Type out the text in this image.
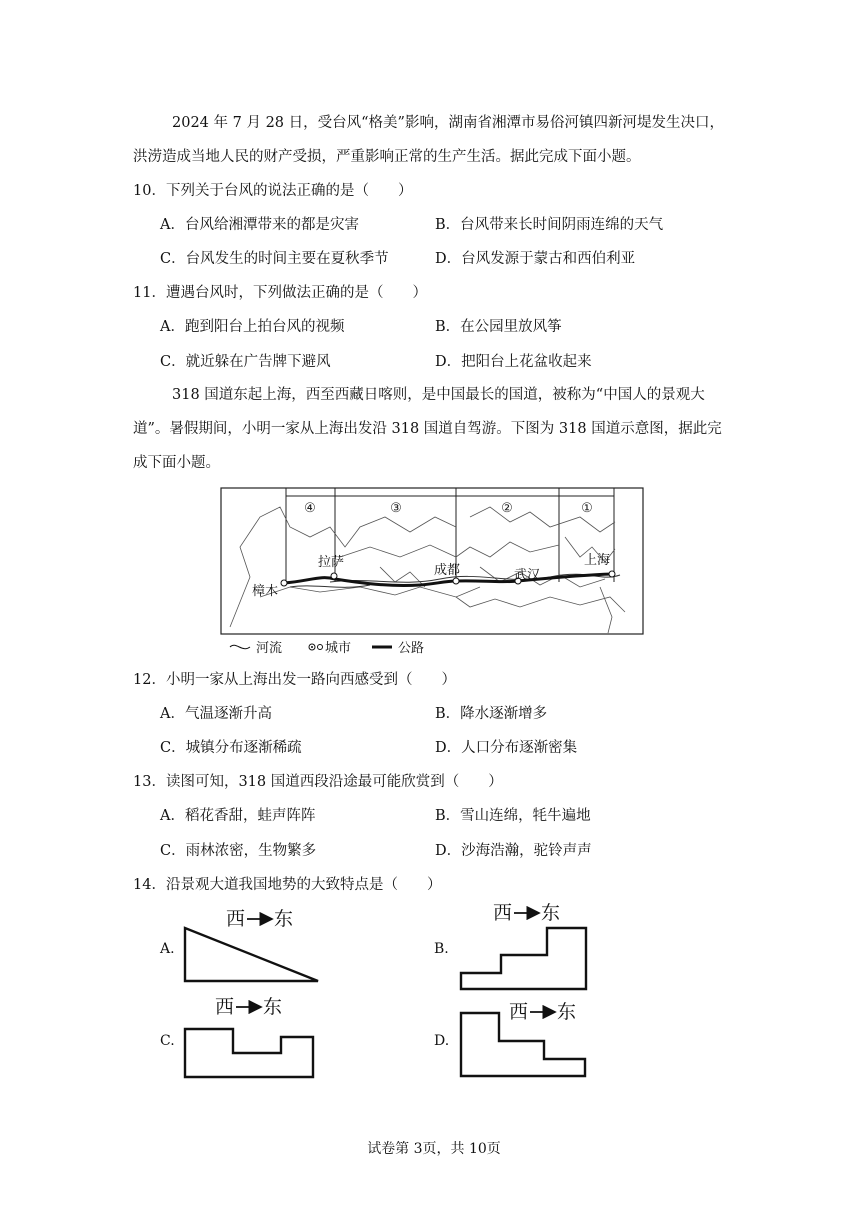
2024 年 7 月 28 日，受台风“格美”影响，湖南省湘潭市易俗河镇四新河堤发生决口，
洪涝造成当地人民的财产受损，严重影响正常的生产生活。据此完成下面小题。
10．下列关于台风的说法正确的是（　　）
A．台风给湘潭带来的都是灾害	B．台风带来长时间阴雨连绵的天气
C．台风发生的时间主要在夏秋季节	D．台风发源于蒙古和西伯利亚
11．遭遇台风时，下列做法正确的是（　　）
A．跑到阳台上拍台风的视频	B．在公园里放风筝
C．就近躲在广告牌下避风	D．把阳台上花盆收起来
318 国道东起上海，西至西藏日喀则，是中国最长的国道，被称为“中国人的景观大
道”。暑假期间，小明一家从上海出发沿 318 国道自驾游。下图为 318 国道示意图，据此完
成下面小题。
④	③	②	①
樟木
拉萨
成都	武汉
上海
河流	城市	公路
12．小明一家从上海出发一路向西感受到（　　）
A．气温逐渐升高	B．降水逐渐增多
C．城镇分布逐渐稀疏	D．人口分布逐渐密集
13．读图可知，318 国道西段沿途最可能欣赏到（　　）
A．稻花香甜，蛙声阵阵	B．雪山连绵，牦牛遍地
C．雨林浓密，生物繁多	D．沙海浩瀚，驼铃声声
14．沿景观大道我国地势的大致特点是（　　）
A.
西 东
B.
西 东
C.
西 东
D.
西 东
试卷第 3页，共 10页
